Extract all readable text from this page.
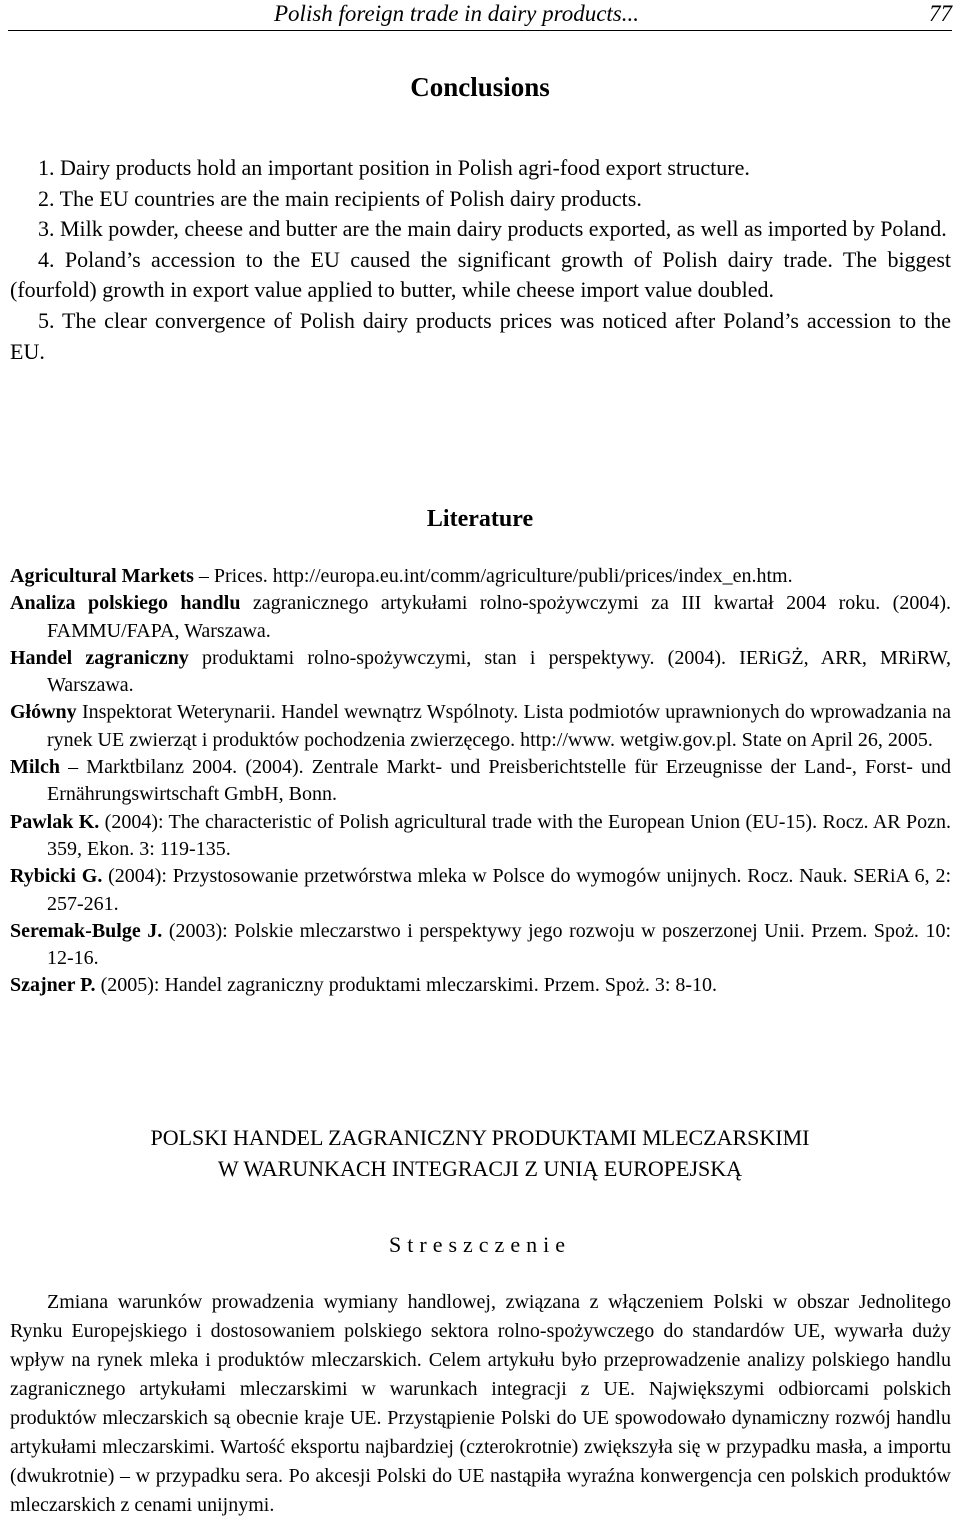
Polish foreign trade in dairy products...	77
Conclusions

1. Dairy products hold an important position in Polish agri-food export structure.

2. The EU countries are the main recipients of Polish dairy products.

3. Milk powder, cheese and butter are the main dairy products exported, as well as imported by Poland.

4. Poland’s accession to the EU caused the significant growth of Polish dairy trade. The biggest (fourfold) growth in export value applied to butter, while cheese import value doubled.

5. The clear convergence of Polish dairy products prices was noticed after Poland’s accession to the EU.

Literature

Agricultural Markets – Prices. http://europa.eu.int/comm/agriculture/publi/prices/index_en.htm.

Analiza polskiego handlu zagranicznego artykułami rolno-spożywczymi za III kwartał 2004 roku. (2004). FAMMU/FAPA, Warszawa.

Handel zagraniczny produktami rolno-spożywczymi, stan i perspektywy. (2004). IERiGŻ, ARR, MRiRW, Warszawa.

Główny Inspektorat Weterynarii. Handel wewnątrz Wspólnoty. Lista podmiotów uprawnionych do wprowadzania na rynek UE zwierząt i produktów pochodzenia zwierzęcego. http://www. wetgiw.gov.pl. State on April 26, 2005.

Milch – Marktbilanz 2004. (2004). Zentrale Markt- und Preisberichtstelle für Erzeugnisse der Land-, Forst- und Ernährungswirtschaft GmbH, Bonn.

Pawlak K. (2004): The characteristic of Polish agricultural trade with the European Union (EU-15). Rocz. AR Pozn. 359, Ekon. 3: 119-135.

Rybicki G. (2004): Przystosowanie przetwórstwa mleka w Polsce do wymogów unijnych. Rocz. Nauk. SERiA 6, 2: 257-261.

Seremak-Bulge J. (2003): Polskie mleczarstwo i perspektywy jego rozwoju w poszerzonej Unii. Przem. Spoż. 10: 12-16.

Szajner P. (2005): Handel zagraniczny produktami mleczarskimi. Przem. Spoż. 3: 8-10.

POLSKI HANDEL ZAGRANICZNY PRODUKTAMI MLECZARSKIMI
W WARUNKACH INTEGRACJI Z UNIĄ EUROPEJSKĄ
Streszczenie

Zmiana warunków prowadzenia wymiany handlowej, związana z włączeniem Polski w obszar Jednolitego Rynku Europejskiego i dostosowaniem polskiego sektora rolno-spożywczego do standardów UE, wywarła duży wpływ na rynek mleka i produktów mleczarskich. Celem artykułu było przeprowadzenie analizy polskiego handlu zagranicznego artykułami mleczarskimi w warunkach integracji z UE. Największymi odbiorcami polskich produktów mleczarskich są obecnie kraje UE. Przystąpienie Polski do UE spowodowało dynamiczny rozwój handlu artykułami mleczarskimi. Wartość eksportu najbardziej (czterokrotnie) zwiększyła się w przypadku masła, a importu (dwukrotnie) – w przypadku sera. Po akcesji Polski do UE nastąpiła wyraźna konwergencja cen polskich produktów mleczarskich z cenami unijnymi.
